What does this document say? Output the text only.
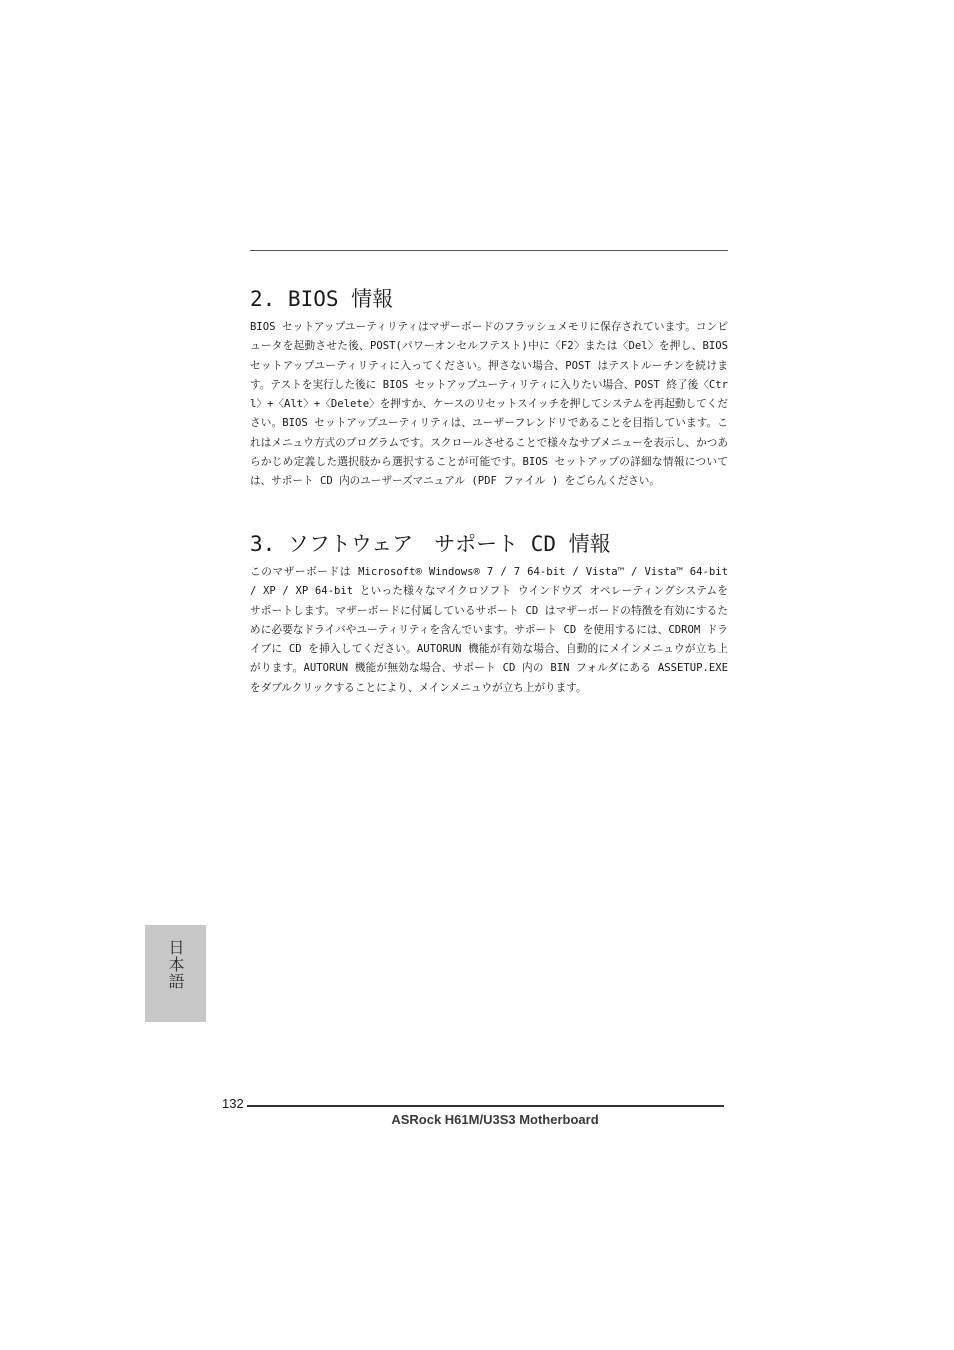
2. BIOS 情報

BIOS セットアップユーティリティはマザーボードのフラッシュメモリに保存されています。コンピュータを起動させた後、POST(パワーオンセルフテスト)中に〈F2〉または〈Del〉を押し、BIOS セットアップユーティリティに入ってください。押さない場合、POST はテストルーチンを続けます。テストを実行した後に BIOS セットアップユーティリティに入りたい場合、POST 終了後〈Ctrl〉+〈Alt〉+〈Delete〉を押すか、ケースのリセットスイッチを押してシステムを再起動してください。BIOS セットアップユーティリティは、ユーザーフレンドリであることを目指しています。これはメニュウ方式のプログラムです。スクロールさせることで様々なサブメニューを表示し、かつあらかじめ定義した選択肢から選択することが可能です。BIOS セットアップの詳細な情報については、サポート CD 内のユーザーズマニュアル (PDF ファイル ) をごらんください。

3. ソフトウェア　サポート CD 情報

このマザーボードは Microsoft® Windows® 7 / 7 64-bit / Vista™ / Vista™ 64-bit / XP / XP 64-bit といった様々なマイクロソフト ウインドウズ オペレーティングシステムをサポートします。マザーボードに付属しているサポート CD はマザーボードの特徴を有効にするために必要なドライバやユーティリティを含んでいます。サポート CD を使用するには、CDROM ドライブに CD を挿入してください。AUTORUN 機能が有効な場合、自動的にメインメニュウが立ち上がります。AUTORUN 機能が無効な場合、サポート CD 内の BIN フォルダにある ASSETUP.EXE をダブルクリックすることにより、メインメニュウが立ち上がります。

日本語
132
ASRock H61M/U3S3 Motherboard
